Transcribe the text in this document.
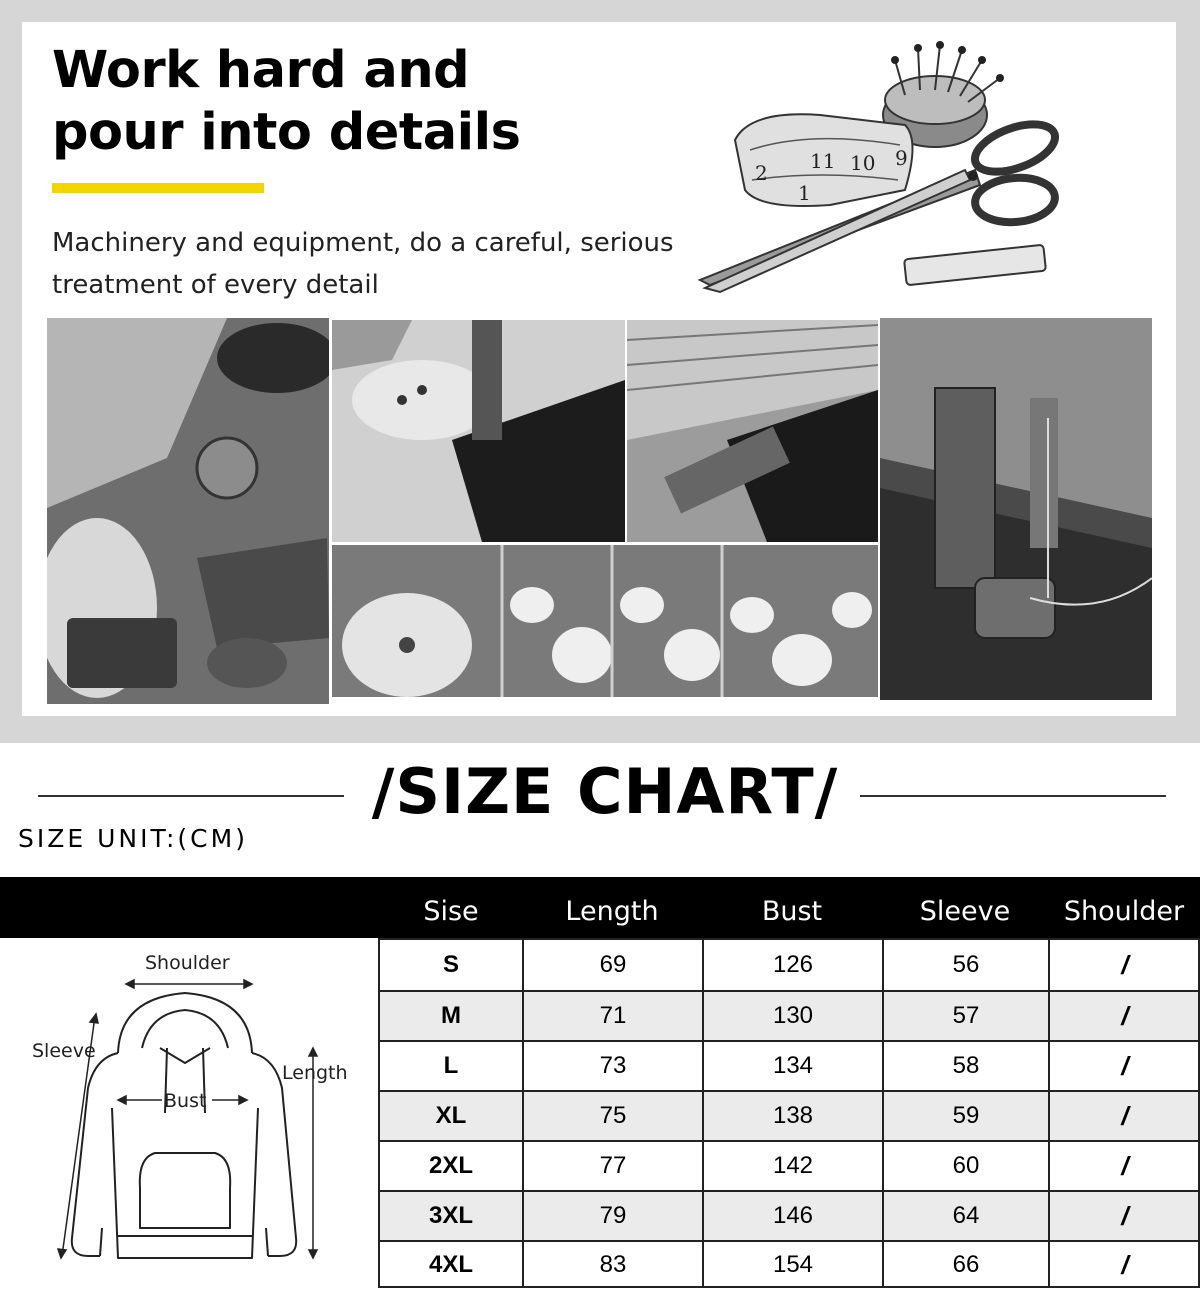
Work hard and
pour into details
Machinery and equipment, do a careful, serious
treatment of every detail
2 11 10
1
9
/SIZE CHART/
SIZE UNIT:(CM)
Sise	Length	Bust	Sleeve	Shoulder
Shoulder
Sleeve
Length
Bust
S	69	126	56	/
M	71	130	57	/
L	73	134	58	/
XL	75	138	59	/
2XL	77	142	60	/
3XL	79	146	64	/
4XL	83	154	66	/
